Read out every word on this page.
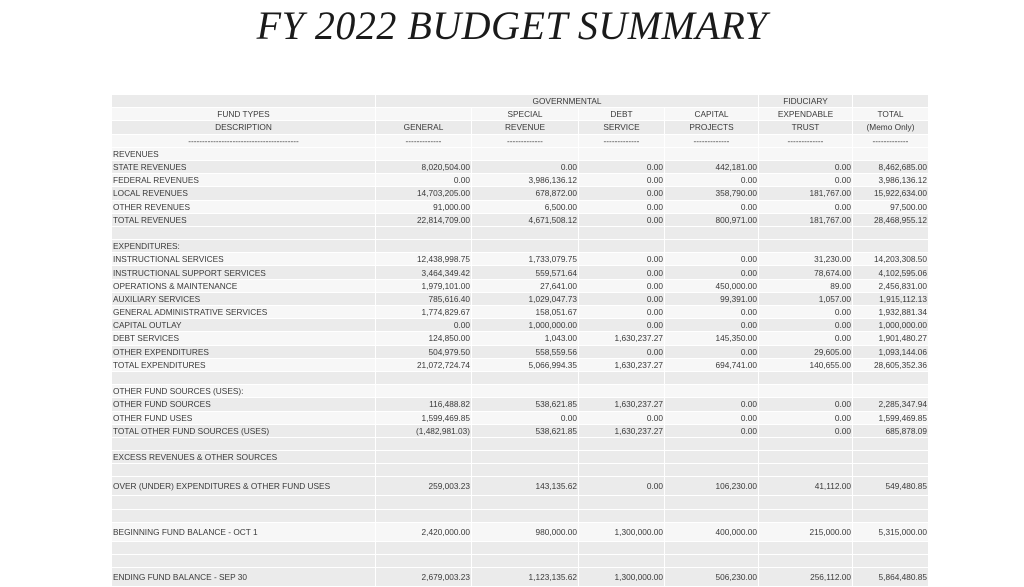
FY 2022 BUDGET SUMMARY
	GOVERNMENTAL				FIDUCIARY	
FUND TYPES		SPECIAL	DEBT	CAPITAL	EXPENDABLE	TOTAL
DESCRIPTION	GENERAL	REVENUE	SERVICE	PROJECTS	TRUST	(Memo Only)
----------------------------------------	-------------	-------------	-------------	-------------	-------------	-------------
REVENUES						
STATE REVENUES	8,020,504.00	0.00	0.00	442,181.00	0.00	8,462,685.00
FEDERAL REVENUES	0.00	3,986,136.12	0.00	0.00	0.00	3,986,136.12
LOCAL REVENUES	14,703,205.00	678,872.00	0.00	358,790.00	181,767.00	15,922,634.00
OTHER REVENUES	91,000.00	6,500.00	0.00	0.00	0.00	97,500.00
TOTAL REVENUES	22,814,709.00	4,671,508.12	0.00	800,971.00	181,767.00	28,468,955.12

EXPENDITURES:						
INSTRUCTIONAL SERVICES	12,438,998.75	1,733,079.75	0.00	0.00	31,230.00	14,203,308.50
INSTRUCTIONAL SUPPORT SERVICES	3,464,349.42	559,571.64	0.00	0.00	78,674.00	4,102,595.06
OPERATIONS & MAINTENANCE	1,979,101.00	27,641.00	0.00	450,000.00	89.00	2,456,831.00
AUXILIARY SERVICES	785,616.40	1,029,047.73	0.00	99,391.00	1,057.00	1,915,112.13
GENERAL ADMINISTRATIVE SERVICES	1,774,829.67	158,051.67	0.00	0.00	0.00	1,932,881.34
CAPITAL OUTLAY	0.00	1,000,000.00	0.00	0.00	0.00	1,000,000.00
DEBT SERVICES	124,850.00	1,043.00	1,630,237.27	145,350.00	0.00	1,901,480.27
OTHER EXPENDITURES	504,979.50	558,559.56	0.00	0.00	29,605.00	1,093,144.06
TOTAL EXPENDITURES	21,072,724.74	5,066,994.35	1,630,237.27	694,741.00	140,655.00	28,605,352.36

OTHER FUND SOURCES (USES):						
OTHER FUND SOURCES	116,488.82	538,621.85	1,630,237.27	0.00	0.00	2,285,347.94
OTHER FUND USES	1,599,469.85	0.00	0.00	0.00	0.00	1,599,469.85
TOTAL OTHER FUND SOURCES (USES)	(1,482,981.03)	538,621.85	1,630,237.27	0.00	0.00	685,878.09

EXCESS REVENUES & OTHER SOURCES						

OVER (UNDER) EXPENDITURES & OTHER FUND USES	259,003.23	143,135.62	0.00	106,230.00	41,112.00	549,480.85

BEGINNING FUND BALANCE - OCT 1	2,420,000.00	980,000.00	1,300,000.00	400,000.00	215,000.00	5,315,000.00

ENDING FUND BALANCE - SEP 30	2,679,003.23	1,123,135.62	1,300,000.00	506,230.00	256,112.00	5,864,480.85
